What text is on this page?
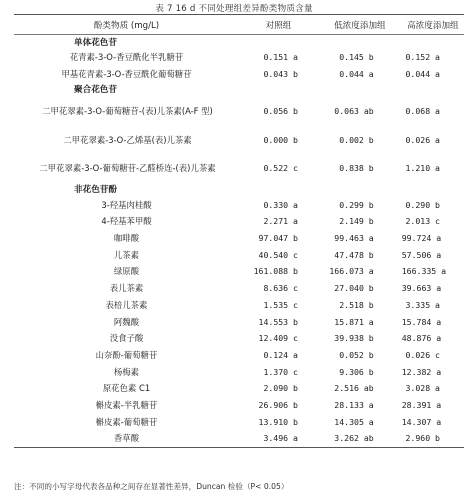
表 7 16 d 不同处理组差异酚类物质含量
酚类物质 (mg/L)	对照组	低浓度添加组	高浓度添加组
单体花色苷			
花青素-3-O-香豆酰化半乳糖苷	0.151 a	0.145 b	0.152 a
甲基花青素-3-O-香豆酰化葡萄糖苷	0.043 b	0.044 a	0.044 a
聚合花色苷			
二甲花翠素-3-O-葡萄糖苷-(表)儿茶素(A-F 型)	0.056 b	0.063 ab	0.068 a
二甲花翠素-3-O-乙烯基(表)儿茶素	0.000 b	0.002 b	0.026 a
二甲花翠素-3-O-葡萄糖苷-乙醛桥连-(表)儿茶素	0.522 c	0.838 b	1.210 a
非花色苷酚			
3-羟基肉桂酸	0.330 a	0.299 b	0.290 b
4-羟基苯甲酸	2.271 a	2.149 b	2.013 c
咖啡酸	97.047 b	99.463 a	99.724 a
儿茶素	40.540 c	47.478 b	57.506 a
绿原酸	161.088 b	166.073 a	166.335 a
表儿茶素	8.636 c	27.040 b	39.663 a
表棓儿茶素	1.535 c	2.518 b	3.335 a
阿魏酸	14.553 b	15.871 a	15.784 a
没食子酸	12.409 c	39.938 b	48.876 a
山奈酚-葡萄糖苷	0.124 a	0.052 b	0.026 c
杨梅素	1.370 c	9.306 b	12.382 a
原花色素 C1	2.090 b	2.516 ab	3.028 a
槲皮素-半乳糖苷	26.906 b	28.133 a	28.391 a
槲皮素-葡萄糖苷	13.910 b	14.305 a	14.307 a
香草酸	3.496 a	3.262 ab	2.960 b
注：不同的小写字母代表各品种之间存在显著性差异，Duncan 检验（P< 0.05）
